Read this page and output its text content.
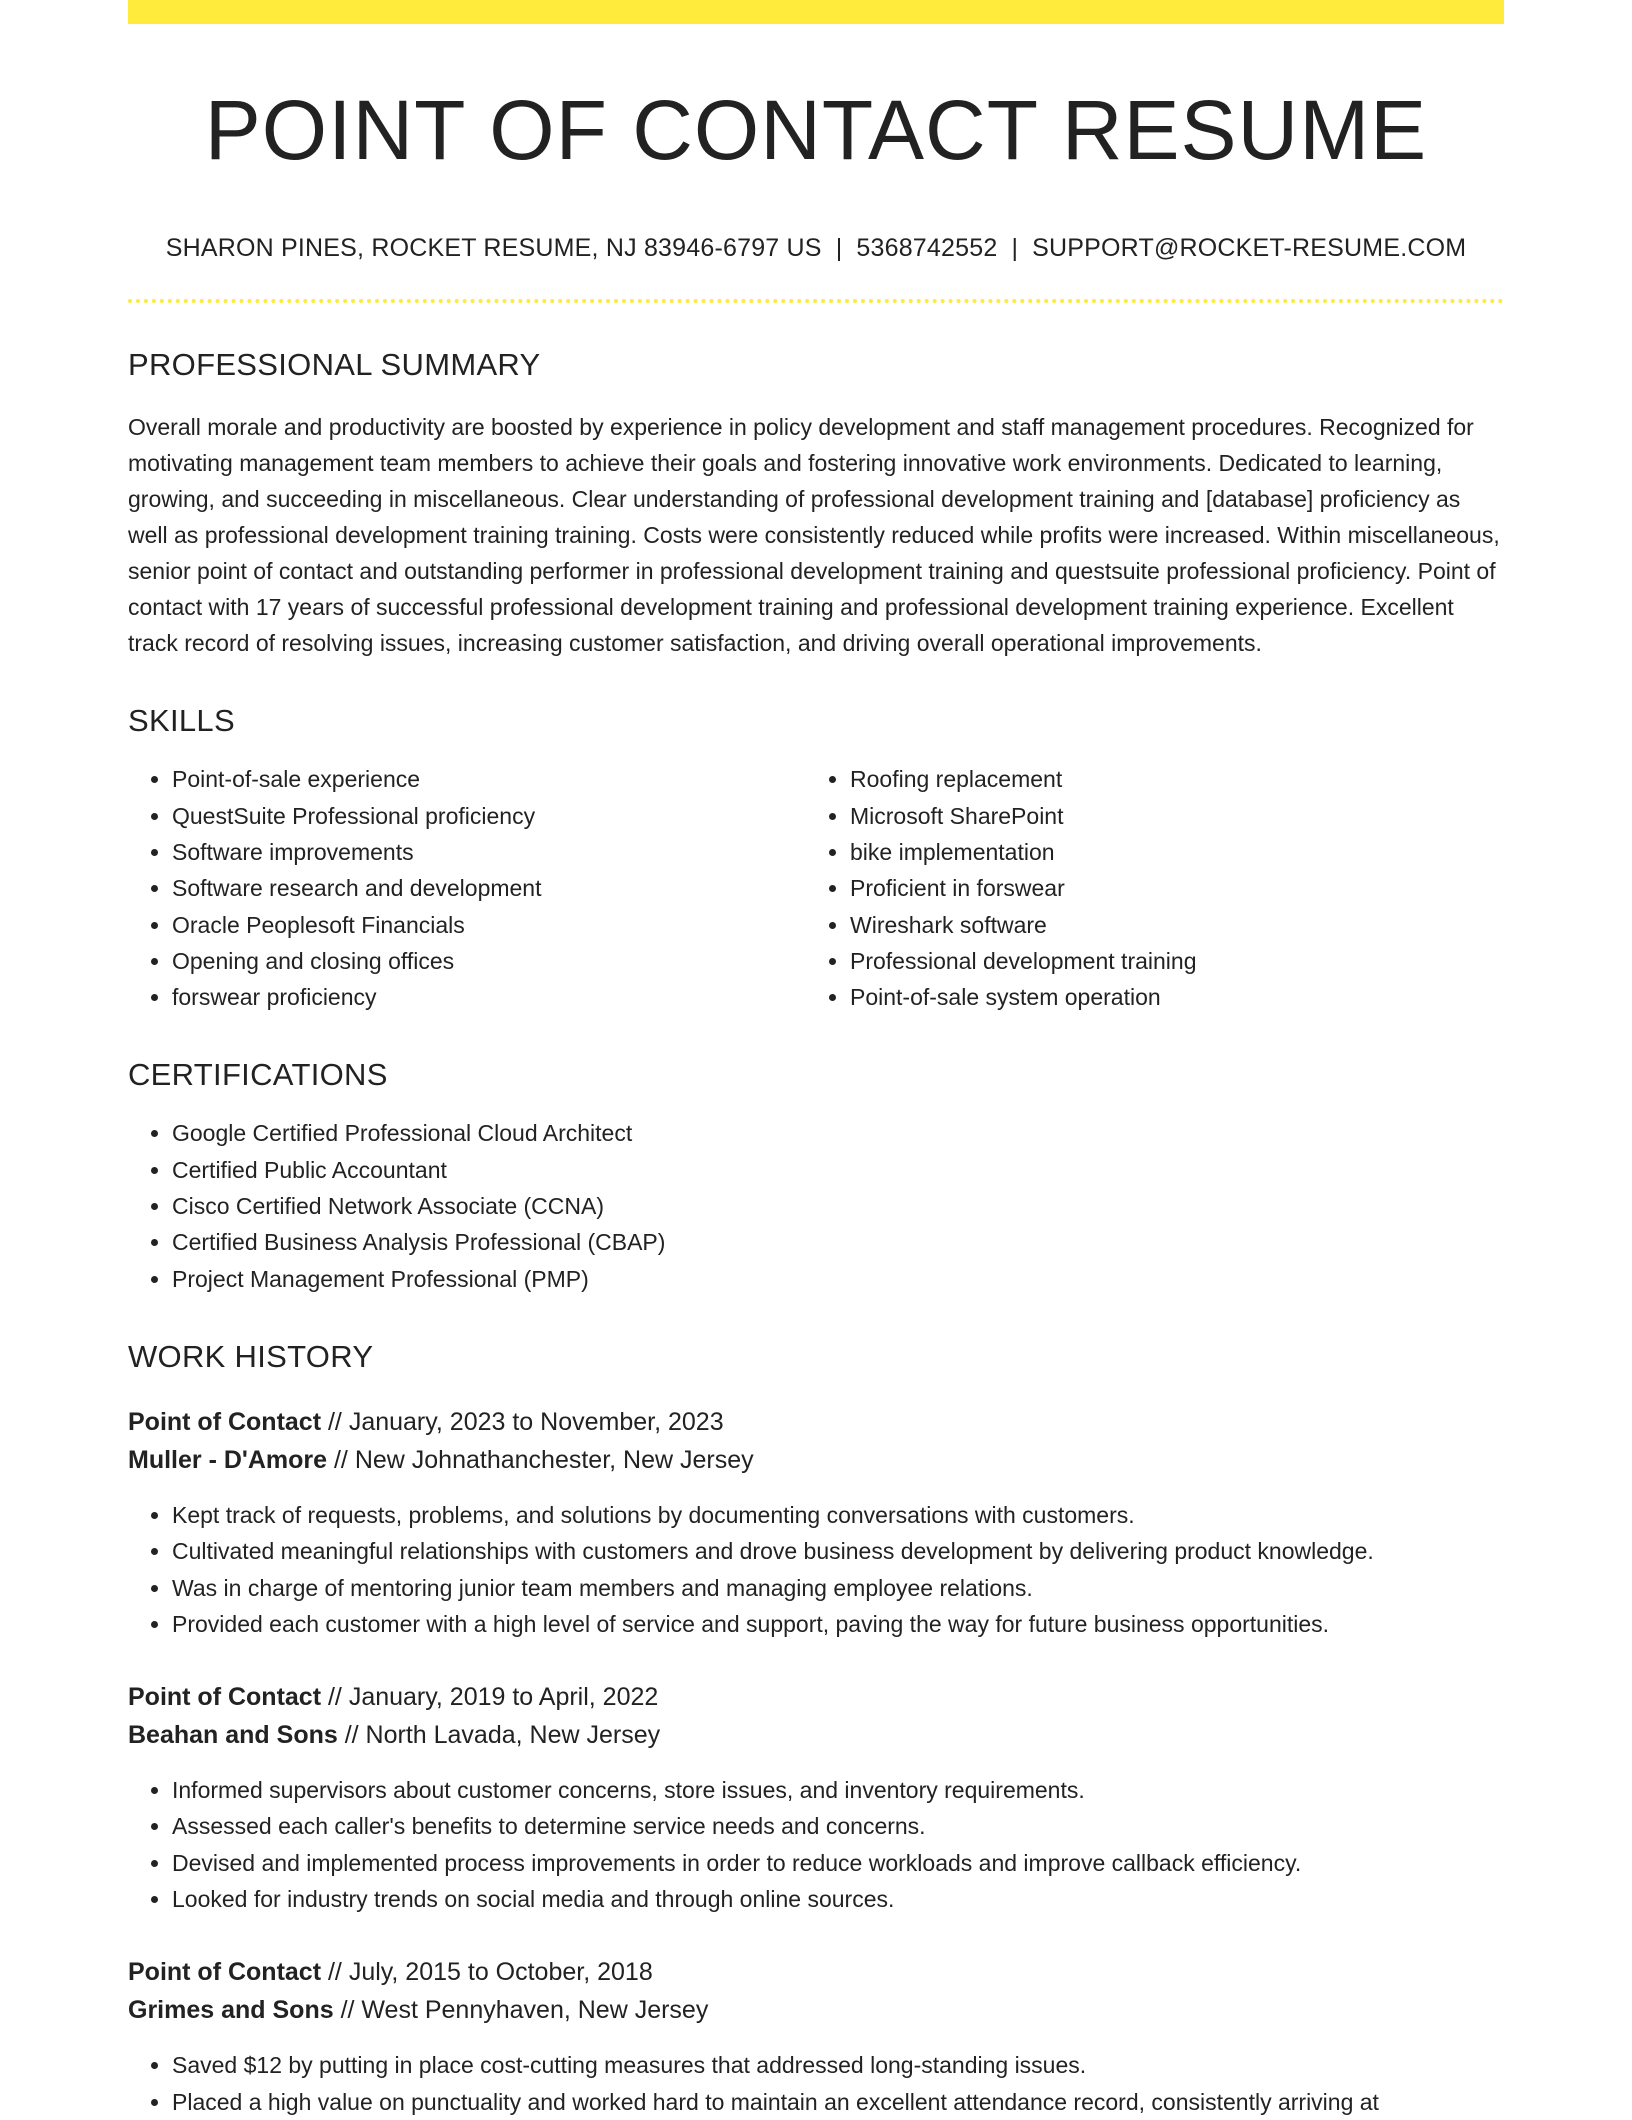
POINT OF CONTACT RESUME
SHARON PINES, ROCKET RESUME, NJ 83946-6797 US | 5368742552 | SUPPORT@ROCKET-RESUME.COM
PROFESSIONAL SUMMARY

Overall morale and productivity are boosted by experience in policy development and staff management procedures. Recognized for motivating management team members to achieve their goals and fostering innovative work environments. Dedicated to learning, growing, and succeeding in miscellaneous. Clear understanding of professional development training and [database] proficiency as well as professional development training training. Costs were consistently reduced while profits were increased. Within miscellaneous, senior point of contact and outstanding performer in professional development training and questsuite professional proficiency. Point of contact with 17 years of successful professional development training and professional development training experience. Excellent track record of resolving issues, increasing customer satisfaction, and driving overall operational improvements.

SKILLS
• Point-of-sale experience
• QuestSuite Professional proficiency
• Software improvements
• Software research and development
• Oracle Peoplesoft Financials
• Opening and closing offices
• forswear proficiency
• Roofing replacement
• Microsoft SharePoint
• bike implementation
• Proficient in forswear
• Wireshark software
• Professional development training
• Point-of-sale system operation
CERTIFICATIONS
• Google Certified Professional Cloud Architect
• Certified Public Accountant
• Cisco Certified Network Associate (CCNA)
• Certified Business Analysis Professional (CBAP)
• Project Management Professional (PMP)
WORK HISTORY
Point of Contact // January, 2023 to November, 2023
Muller - D'Amore // New Johnathanchester, New Jersey
• Kept track of requests, problems, and solutions by documenting conversations with customers.
• Cultivated meaningful relationships with customers and drove business development by delivering product knowledge.
• Was in charge of mentoring junior team members and managing employee relations.
• Provided each customer with a high level of service and support, paving the way for future business opportunities.
Point of Contact // January, 2019 to April, 2022
Beahan and Sons // North Lavada, New Jersey
• Informed supervisors about customer concerns, store issues, and inventory requirements.
• Assessed each caller's benefits to determine service needs and concerns.
• Devised and implemented process improvements in order to reduce workloads and improve callback efficiency.
• Looked for industry trends on social media and through online sources.
Point of Contact // July, 2015 to October, 2018
Grimes and Sons // West Pennyhaven, New Jersey
• Saved $12 by putting in place cost-cutting measures that addressed long-standing issues.
• Placed a high value on punctuality and worked hard to maintain an excellent attendance record, consistently arriving at
